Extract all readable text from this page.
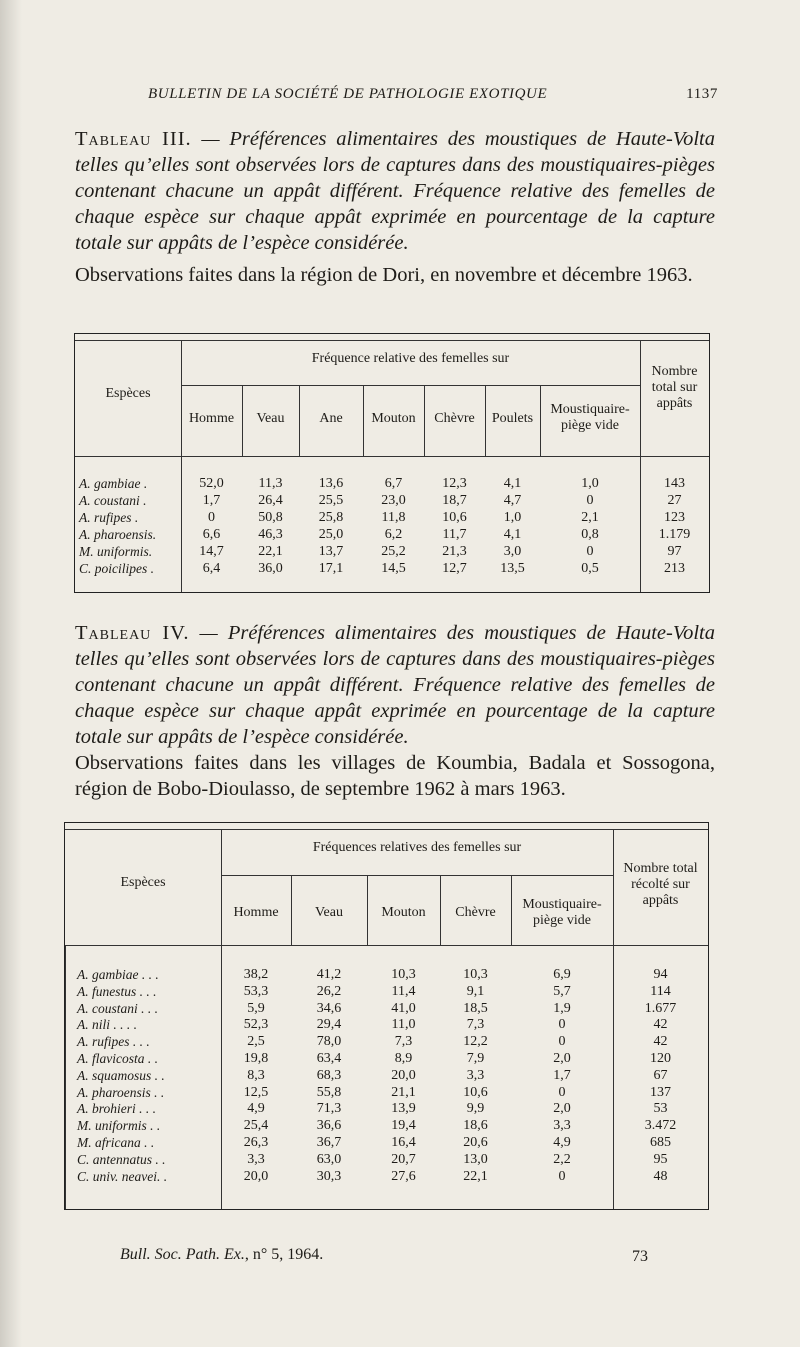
BULLETIN DE LA SOCIÉTÉ DE PATHOLOGIE EXOTIQUE	1137
Tableau III. — Préférences alimentaires des moustiques de Haute-Volta telles qu’elles sont observées lors de captures dans des moustiquaires-pièges contenant chacune un appât différent. Fréquence relative des femelles de chaque espèce sur chaque appât exprimée en pourcentage de la capture totale sur appâts de l’espèce considérée.
Observations faites dans la région de Dori, en novembre et décembre 1963.
Espèces
Fréquence relative des femelles sur
Nombre total sur appâts
Homme	Veau	Ane	Mouton	Chèvre	Poulets
Moustiquaire-piège vide
A. gambiae .	52,0	11,3	13,6	6,7	12,3	4,1	1,0	143
A. coustani .	1,7	26,4	25,5	23,0	18,7	4,7	0	27
A. rufipes .	0	50,8	25,8	11,8	10,6	1,0	2,1	123
A. pharoensis.	6,6	46,3	25,0	6,2	11,7	4,1	0,8	1.179
M. uniformis.	14,7	22,1	13,7	25,2	21,3	3,0	0	97
C. poicilipes .	6,4	36,0	17,1	14,5	12,7	13,5	0,5	213
Tableau IV. — Préférences alimentaires des moustiques de Haute-Volta telles qu’elles sont observées lors de captures dans des moustiquaires-pièges contenant chacune un appât différent. Fréquence relative des femelles de chaque espèce sur chaque appât exprimée en pourcentage de la capture totale sur appâts de l’espèce considérée.
Observations faites dans les villages de Koumbia, Badala et Sossogona, région de Bobo-Dioulasso, de septembre 1962 à mars 1963.
Espèces
Fréquences relatives des femelles sur
Nombre total récolté sur appâts
Homme	Veau	Mouton	Chèvre
Moustiquaire-piège vide
A. gambiae . . .	38,2	41,2	10,3	10,3	6,9	94
A. funestus . . .	53,3	26,2	11,4	9,1	5,7	114
A. coustani . . .	5,9	34,6	41,0	18,5	1,9	1.677
A. nili . . . .	52,3	29,4	11,0	7,3	0	42
A. rufipes . . .	2,5	78,0	7,3	12,2	0	42
A. flavicosta . .	19,8	63,4	8,9	7,9	2,0	120
A. squamosus . .	8,3	68,3	20,0	3,3	1,7	67
A. pharoensis . .	12,5	55,8	21,1	10,6	0	137
A. brohieri . . .	4,9	71,3	13,9	9,9	2,0	53
M. uniformis . .	25,4	36,6	19,4	18,6	3,3	3.472
M. africana . .	26,3	36,7	16,4	20,6	4,9	685
C. antennatus . .	3,3	63,0	20,7	13,0	2,2	95
C. univ. neavei. .	20,0	30,3	27,6	22,1	0	48
Bull. Soc. Path. Ex., n° 5, 1964.	73
